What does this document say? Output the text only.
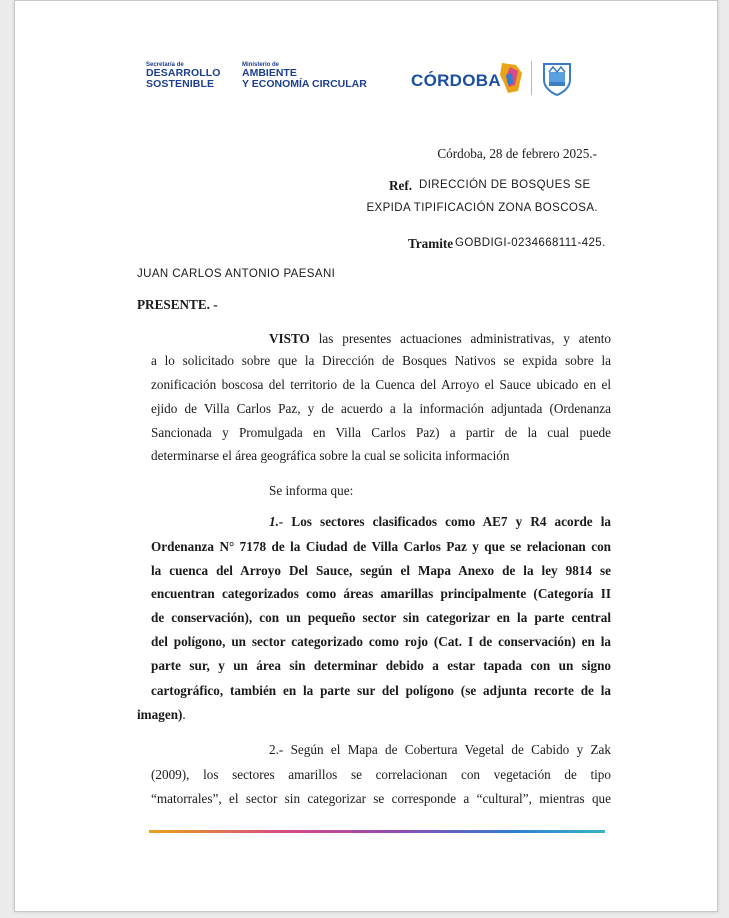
Secretaría de
DESARROLLO
SOSTENIBLE
Ministerio de
AMBIENTE
Y ECONOMÍA CIRCULAR	CÓRDOBA
Córdoba, 28 de febrero 2025.-
Ref. DIRECCIÓN DE BOSQUES SE
EXPIDA TIPIFICACIÓN ZONA BOSCOSA.
Tramite GOBDIGI-0234668111-425.
JUAN CARLOS ANTONIO PAESANI
PRESENTE. -
VISTO las presentes actuaciones administrativas, y atento
a lo solicitado sobre que la Dirección de Bosques Nativos se expida sobre la
zonificación boscosa del territorio de la Cuenca del Arroyo el Sauce ubicado en el
ejido de Villa Carlos Paz, y de acuerdo a la información adjuntada (Ordenanza
Sancionada y Promulgada en Villa Carlos Paz) a partir de la cual puede
determinarse el área geográfica sobre la cual se solicita información
Se informa que:
1.- Los sectores clasificados como AE7 y R4 acorde la
Ordenanza N° 7178 de la Ciudad de Villa Carlos Paz y que se relacionan con
la cuenca del Arroyo Del Sauce, según el Mapa Anexo de la ley 9814 se
encuentran categorizados como áreas amarillas principalmente (Categoría II
de conservación), con un pequeño sector sin categorizar en la parte central
del polígono, un sector categorizado como rojo (Cat. I de conservación) en la
parte sur, y un área sin determinar debido a estar tapada con un signo
cartográfico, también en la parte sur del polígono (se adjunta recorte de la
imagen).
2.- Según el Mapa de Cobertura Vegetal de Cabido y Zak
(2009), los sectores amarillos se correlacionan con vegetación de tipo
“matorrales”, el sector sin categorizar se corresponde a “cultural”, mientras que
